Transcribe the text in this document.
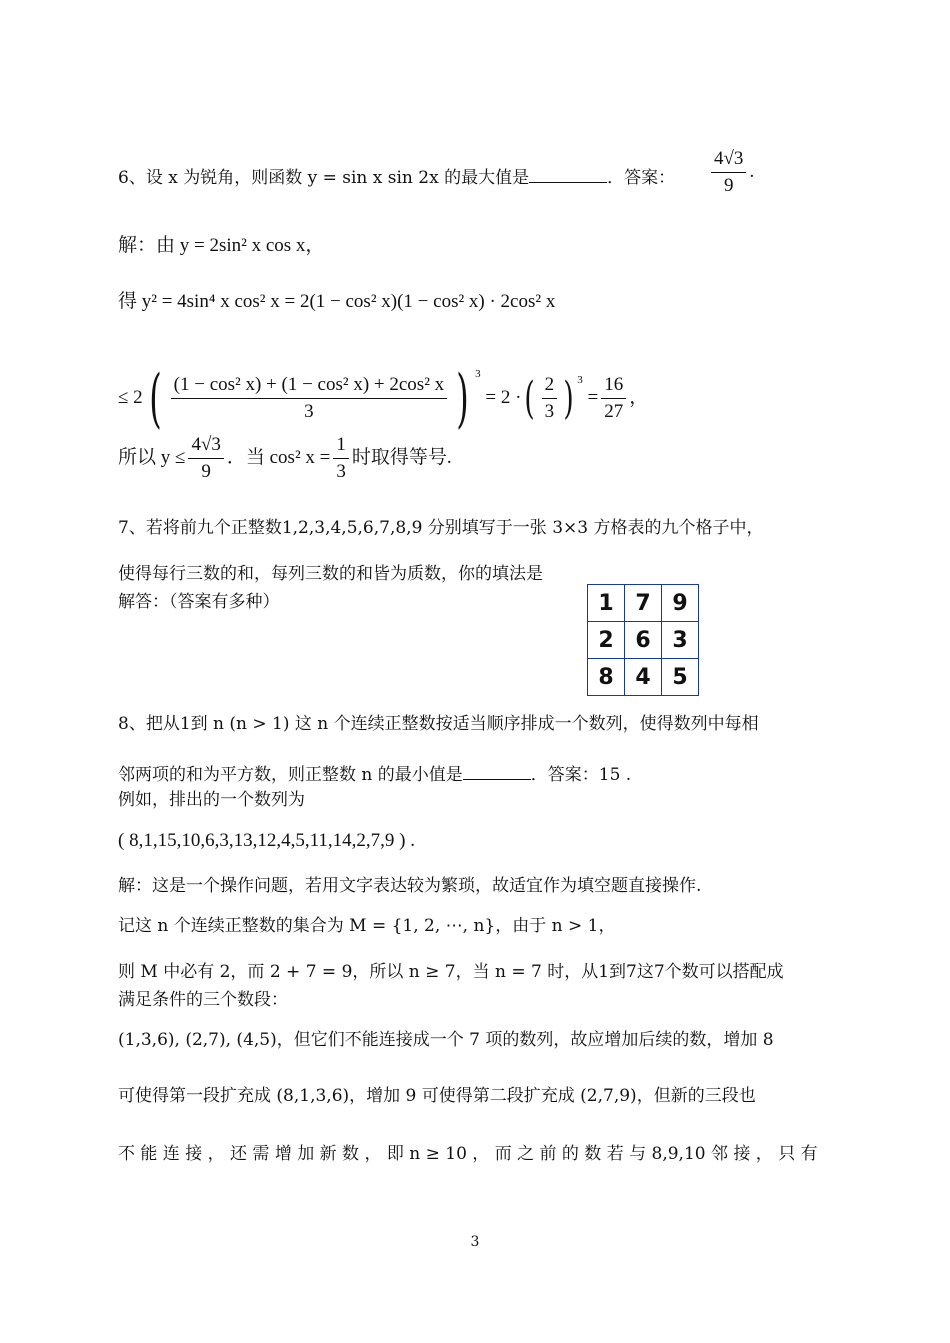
6、设 x 为锐角，则函数 y = sin x sin 2x 的最大值是	．答案： $\frac{4√3}{9}$ .
解：由 y = 2sin² x cos x，
得 y² = 4sin⁴ x cos² x = 2(1 − cos² x)(1 − cos² x) · 2cos² x
≤ $2( \frac{\text{(1 − cos² x) + (1 − cos² x) + 2cos² x}}{3}$ ) $^3$ = 2 ·( $\frac{2}{3}$ ) $^3 = \frac{16}{27}$ ，
所以 $y \le \frac{4√3}{9}$ ．当 cos² $x = \frac{1}{3}$ 时取得等号.
7、若将前九个正整数1,2,3,4,5,6,7,8,9 分别填写于一张 3×3 方格表的九个格子中，
使得每行三数的和，每列三数的和皆为质数，你的填法是
解答：（答案有多种）	1	7	9
2	6	3
8	4	5
8、把从1到 n (n > 1) 这 n 个连续正整数按适当顺序排成一个数列，使得数列中每相
邻两项的和为平方数，则正整数 n 的最小值是	．答案：15 .
例如，排出的一个数列为
( 8,1,15,10,6,3,13,12,4,5,11,14,2,7,9 ) .
解：这是一个操作问题，若用文字表达较为繁琐，故适宜作为填空题直接操作.
记这 n 个连续正整数的集合为 M = {1, 2, ⋯, n}，由于 n > 1，
则 M 中必有 2，而 2 + 7 = 9，所以 n ≥ 7，当 n = 7 时，从1到7这7个数可以搭配成
满足条件的三个数段：
(1,3,6), (2,7), (4,5)，但它们不能连接成一个 7 项的数列，故应增加后续的数，增加 8
可使得第一段扩充成 (8,1,3,6)，增加 9 可使得第二段扩充成 (2,7,9)，但新的三段也
不 能 连 接 ， 还 需 增 加 新 数 ， 即 n ≥ 10 ， 而 之 前 的 数 若 与 8,9,10 邻 接 ， 只 有
3
